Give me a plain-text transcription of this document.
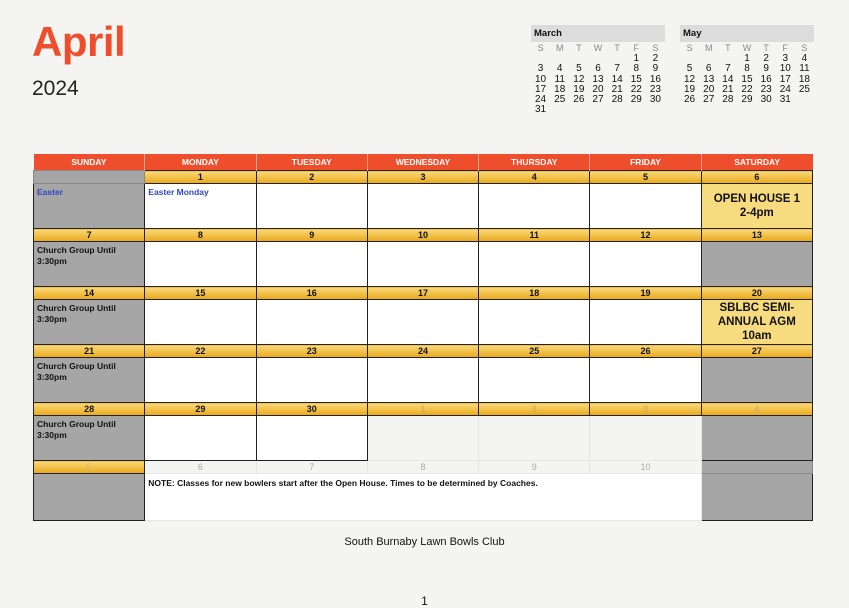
April
2024
March
S	M	T	W	T	F	S
					1	2
3	4	5	6	7	8	9
10	11	12	13	14	15	16
17	18	19	20	21	22	23
24	25	26	27	28	29	30
31						
May
S	M	T	W	T	F	S
			1	2	3	4
5	6	7	8	9	10	11
12	13	14	15	16	17	18
19	20	21	22	23	24	25
26	27	28	29	30	31	
SUNDAY	MONDAY	TUESDAY	WEDNESDAY	THURSDAY	FRIDAY	SATURDAY
	1	2	3	4	5	6

Easter	Easter Monday					OPEN HOUSE 1 2-4pm

7	8	9	10	11	12	13

Church Group Until 3:30pm						

14	15	16	17	18	19	20

Church Group Until 3:30pm						SBLBC SEMI-ANNUAL AGM 10am

21	22	23	24	25	26	27

Church Group Until 3:30pm						

28	29	30	1	2	3	4

Church Group Until 3:30pm						

5	6	7	8	9	10	

	NOTE: Classes for new bowlers start after the Open House. Times to be determined by Coaches.					

South Burnaby Lawn Bowls Club
1
